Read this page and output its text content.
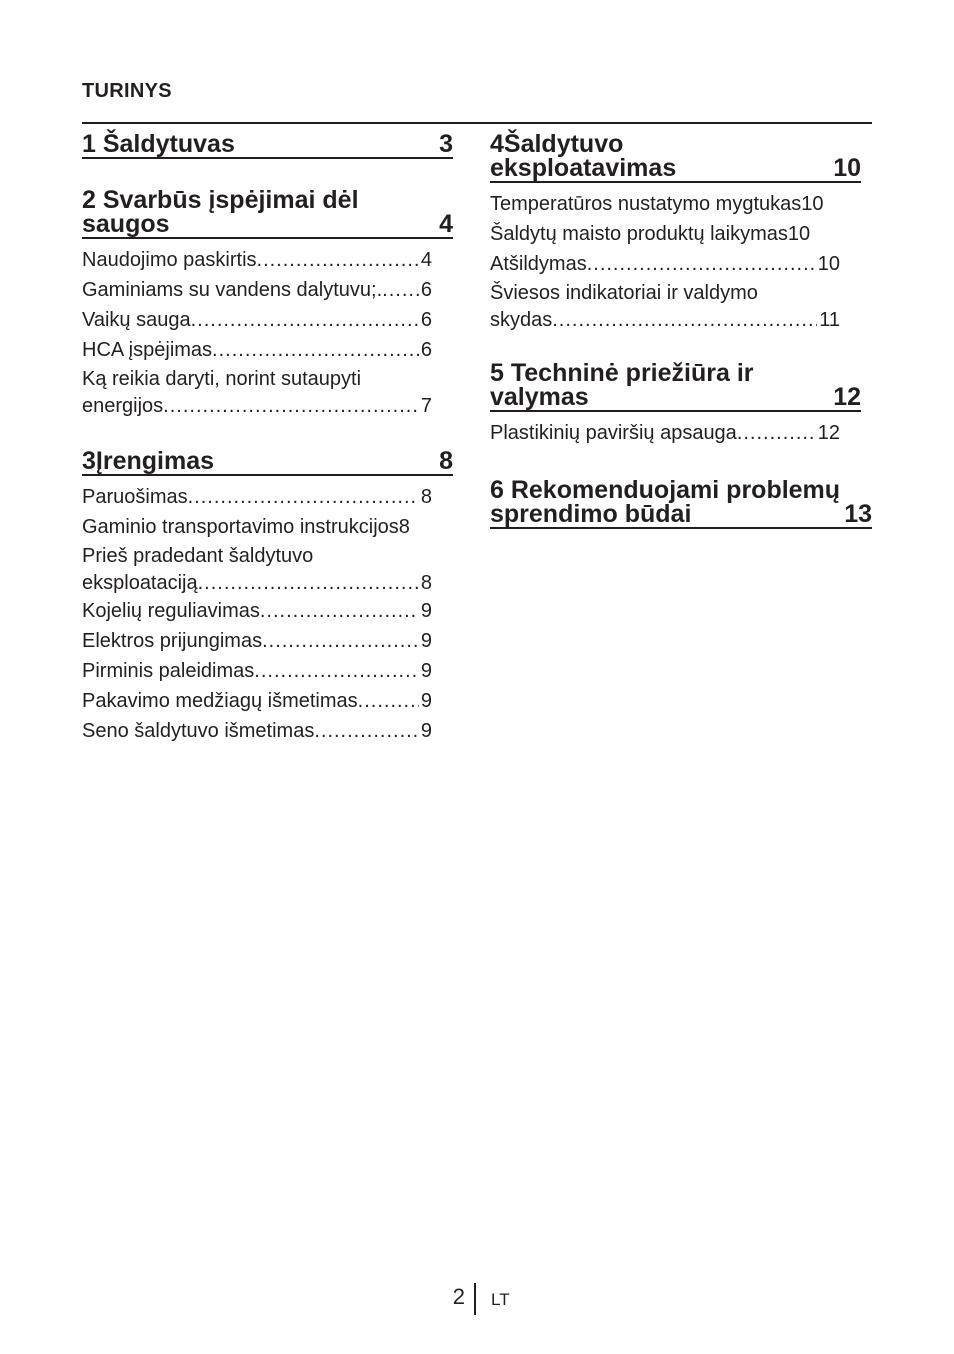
TURINYS
1 Šaldytuvas	3
2 Svarbūs įspėjimai dėl saugos	4
Naudojimo paskirtis .....	4
Gaminiams su vandens dalytuvu;. ..... 6
Vaikų sauga .....	6
HCA įspėjimas .....	6
Ką reikia daryti, norint sutaupyti
energijos .....	7
3Įrengimas	8
Paruošimas .....	8
Gaminio transportavimo instrukcijos 8
Prieš pradedant šaldytuvo
eksploataciją .....	8
Kojelių reguliavimas .....	9
Elektros prijungimas .....	9
Pirminis paleidimas .....	9
Pakavimo medžiagų išmetimas .....	9
Seno šaldytuvo išmetimas .....	9
4Šaldytuvo eksploatavimas	10
Temperatūros nustatymo mygtukas 10
Šaldytų maisto produktų laikymas 10
Atšildymas .....	10
Šviesos indikatoriai ir valdymo
skydas .....	11
5 Techninė priežiūra ir valymas	12
Plastikinių paviršių apsauga .....	12
6 Rekomenduojami problemų sprendimo būdai	13
2 LT
